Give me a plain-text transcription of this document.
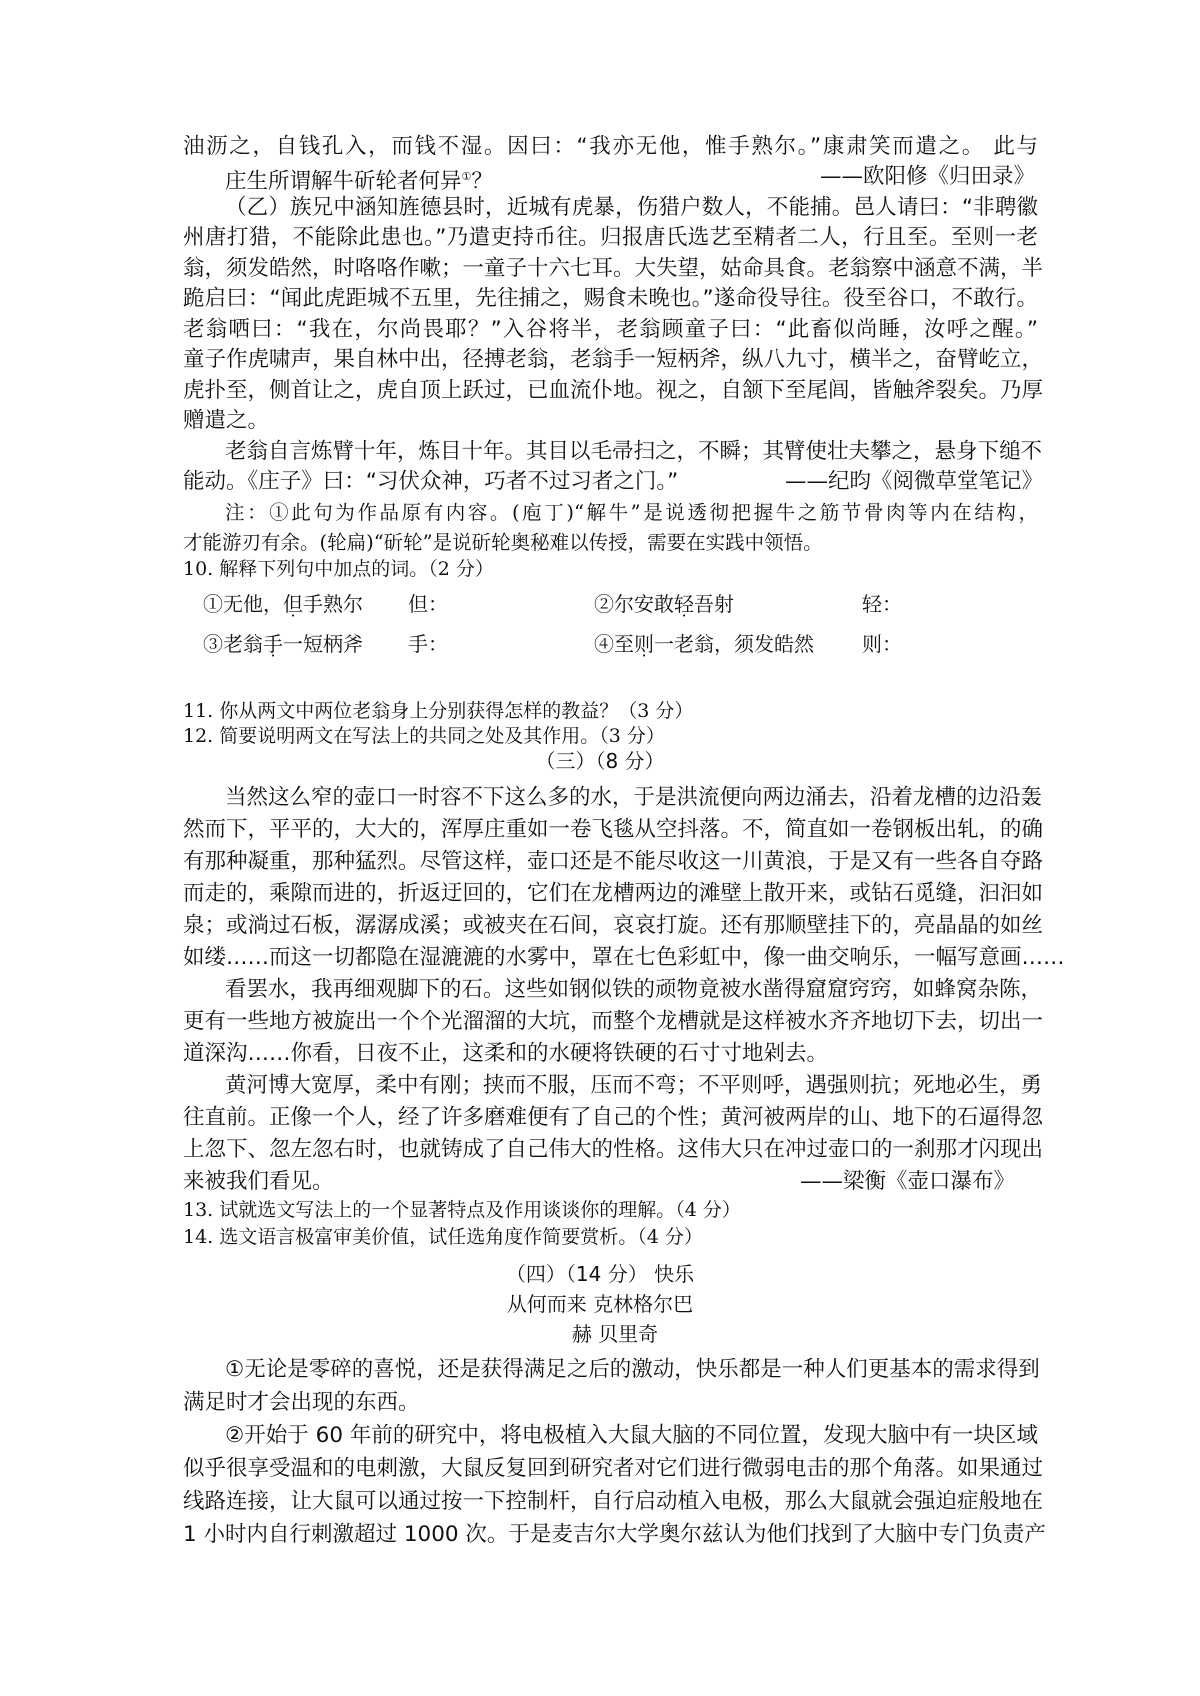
油沥之，自钱孔入，而钱不湿。因曰：“我亦无他，惟手熟尔。”康肃笑而遣之。 此与
庄生所谓解牛斫轮者何异①？	——欧阳修《归田录》
（乙）族兄中涵知旌德县时，近城有虎暴，伤猎户数人，不能捕。邑人请曰：“非聘徽
州唐打猎，不能除此患也。”乃遣吏持币往。归报唐氏选艺至精者二人，行且至。至则一老
翁，须发皓然，时咯咯作嗽；一童子十六七耳。大失望，姑命具食。老翁察中涵意不满，半
跪启曰：“闻此虎距城不五里，先往捕之，赐食未晚也。”遂命役导往。役至谷口，不敢行。
老翁哂曰：“我在，尔尚畏耶？”入谷将半，老翁顾童子曰：“此畜似尚睡，汝呼之醒。”
童子作虎啸声，果自林中出，径搏老翁，老翁手一短柄斧，纵八九寸，横半之，奋臂屹立，
虎扑至，侧首让之，虎自顶上跃过，已血流仆地。视之，自颔下至尾闾，皆触斧裂矣。乃厚
赠遣之。
老翁自言炼臂十年，炼目十年。其目以毛帚扫之，不瞬；其臂使壮夫攀之，悬身下缒不
能动。《庄子》曰：“习伏众神，巧者不过习者之门。”	——纪昀《阅微草堂笔记》
注：①此句为作品原有内容。(庖丁)“解牛”是说透彻把握牛之筋节骨肉等内在结构，
才能游刃有余。(轮扁)“斫轮”是说斫轮奥秘难以传授，需要在实践中领悟。
10. 解释下列句中加点的词。（2 分）
①无他，但手熟尔 但：	②尔安敢轻吾射	轻：
③老翁手一短柄斧 手：	④至则一老翁，须发皓然 则：
11. 你从两文中两位老翁身上分别获得怎样的教益？（3 分）
12. 简要说明两文在写法上的共同之处及其作用。（3 分）
（三）（8 分）
当然这么窄的壶口一时容不下这么多的水，于是洪流便向两边涌去，沿着龙槽的边沿轰
然而下，平平的，大大的，浑厚庄重如一卷飞毯从空抖落。不，简直如一卷钢板出轧，的确
有那种凝重，那种猛烈。尽管这样，壶口还是不能尽收这一川黄浪，于是又有一些各自夺路
而走的，乘隙而进的，折返迂回的，它们在龙槽两边的滩壁上散开来，或钻石觅缝，汩汩如
泉；或淌过石板，潺潺成溪；或被夹在石间，哀哀打旋。还有那顺壁挂下的，亮晶晶的如丝
如缕……而这一切都隐在湿漉漉的水雾中，罩在七色彩虹中，像一曲交响乐，一幅写意画……
看罢水，我再细观脚下的石。这些如钢似铁的顽物竟被水凿得窟窟窍窍，如蜂窝杂陈，
更有一些地方被旋出一个个光溜溜的大坑，而整个龙槽就是这样被水齐齐地切下去，切出一
道深沟……你看，日夜不止，这柔和的水硬将铁硬的石寸寸地剁去。
黄河博大宽厚，柔中有刚；挟而不服，压而不弯；不平则呼，遇强则抗；死地必生，勇
往直前。正像一个人，经了许多磨难便有了自己的个性；黄河被两岸的山、地下的石逼得忽
上忽下、忽左忽右时，也就铸成了自己伟大的性格。这伟大只在冲过壶口的一刹那才闪现出
来被我们看见。	——梁衡《壶口瀑布》
13. 试就选文写法上的一个显著特点及作用谈谈你的理解。（4 分）
14. 选文语言极富审美价值，试任选角度作简要赏析。（4 分）
（四）（14 分） 快乐
从何而来 克林格尔巴
赫 贝里奇
①无论是零碎的喜悦，还是获得满足之后的激动，快乐都是一种人们更基本的需求得到
满足时才会出现的东西。
②开始于 60 年前的研究中，将电极植入大鼠大脑的不同位置，发现大脑中有一块区域
似乎很享受温和的电刺激，大鼠反复回到研究者对它们进行微弱电击的那个角落。如果通过
线路连接，让大鼠可以通过按一下控制杆，自行启动植入电极，那么大鼠就会强迫症般地在
1 小时内自行刺激超过 1000 次。于是麦吉尔大学奥尔兹认为他们找到了大脑中专门负责产
